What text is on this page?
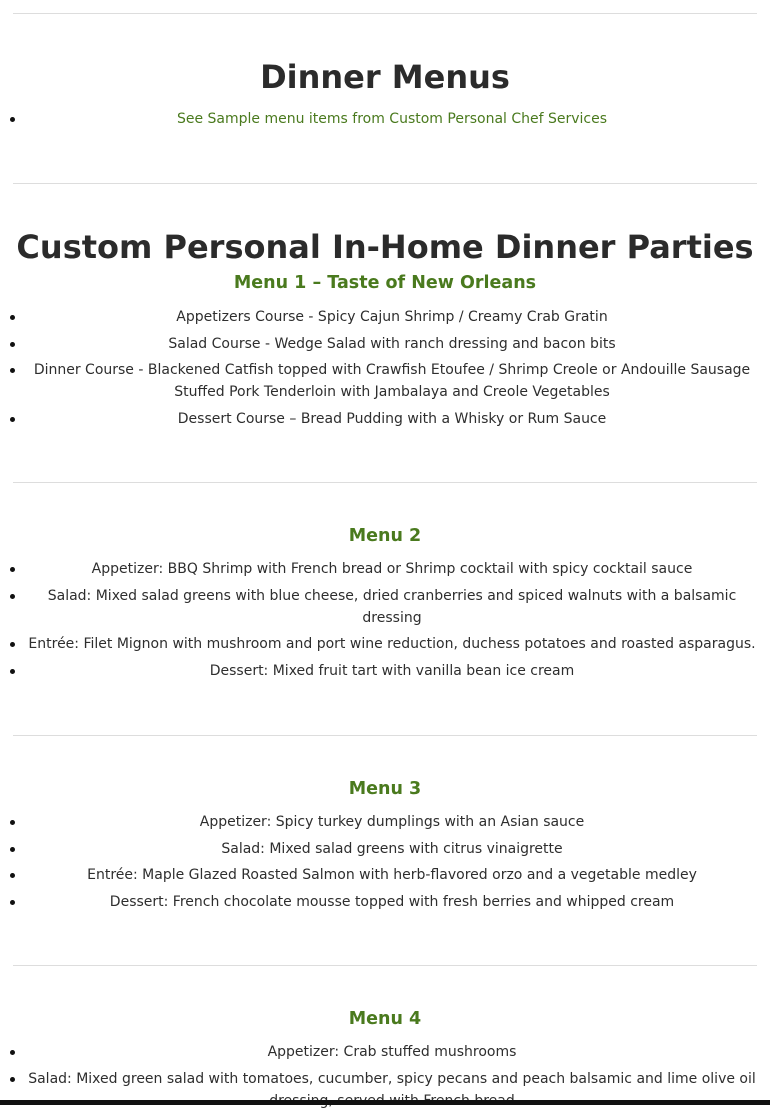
Dinner Menus
See Sample menu items from Custom Personal Chef Services
Custom Personal In-Home Dinner Parties
Menu 1 – Taste of New Orleans
Appetizers Course - Spicy Cajun Shrimp / Creamy Crab Gratin
Salad Course - Wedge Salad with ranch dressing and bacon bits
Dinner Course - Blackened Catfish topped with Crawfish Etoufee / Shrimp Creole or Andouille Sausage Stuffed Pork Tenderloin with Jambalaya and Creole Vegetables
Dessert Course – Bread Pudding with a Whisky or Rum Sauce
Menu 2
Appetizer: BBQ Shrimp with French bread or Shrimp cocktail with spicy cocktail sauce
Salad: Mixed salad greens with blue cheese, dried cranberries and spiced walnuts with a balsamic dressing
Entrée: Filet Mignon with mushroom and port wine reduction, duchess potatoes and roasted asparagus.
Dessert: Mixed fruit tart with vanilla bean ice cream
Menu 3
Appetizer: Spicy turkey dumplings with an Asian sauce
Salad: Mixed salad greens with citrus vinaigrette
Entrée: Maple Glazed Roasted Salmon with herb-flavored orzo and a vegetable medley
Dessert: French chocolate mousse topped with fresh berries and whipped cream
Menu 4
Appetizer: Crab stuffed mushrooms
Salad: Mixed green salad with tomatoes, cucumber, spicy pecans and peach balsamic and lime olive oil
